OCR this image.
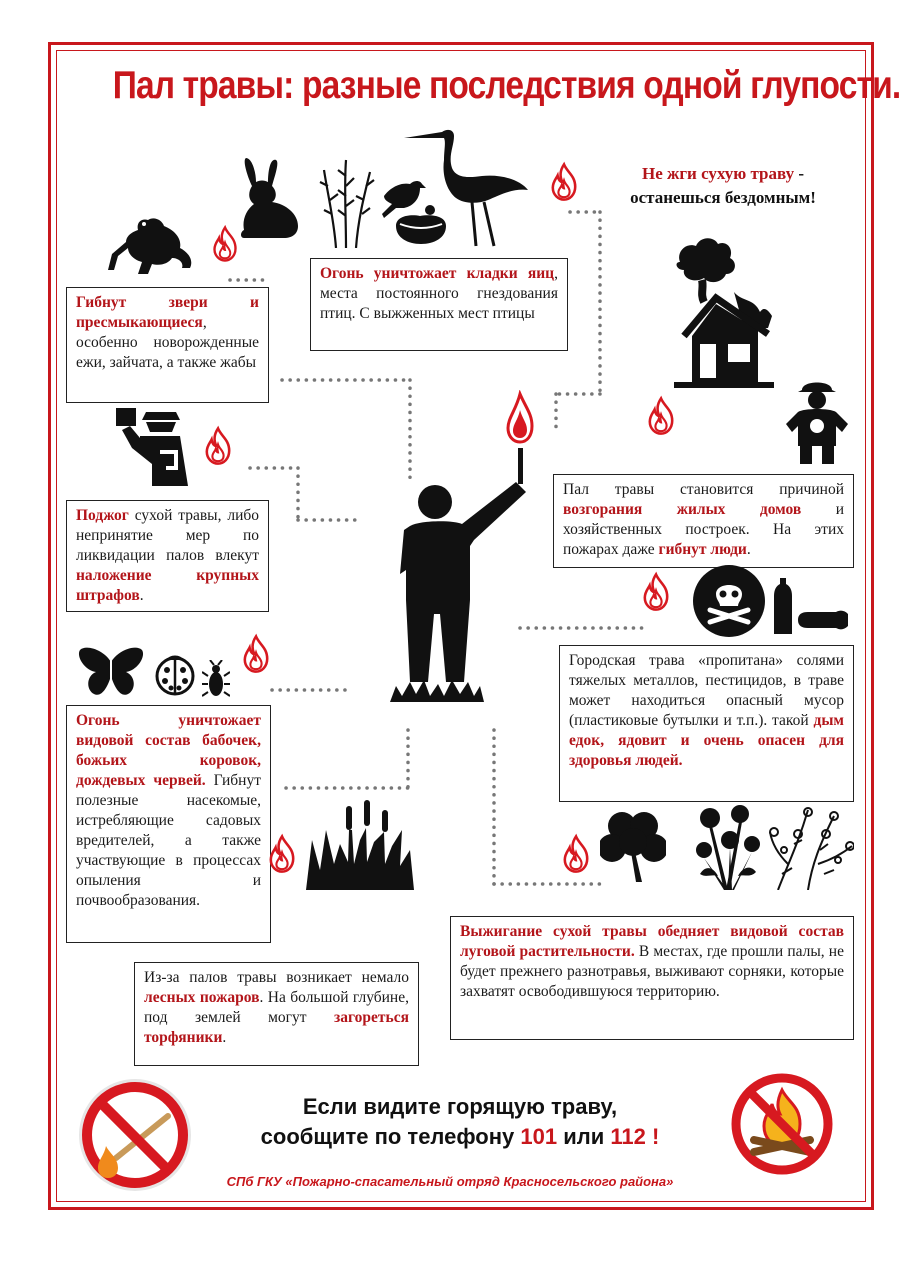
Пал травы: разные последствия одной глупости.
Не жги сухую траву -
останешься бездомным!

Гибнут звери и пресмыкающиеся, особенно новорожденные ежи, зайчата, а также жабы

Огонь уничтожает кладки яиц, места постоянного гнездования птиц. С выжженных мест птицы

Поджог сухой травы, либо непринятие мер по ликвидации палов влекут наложение крупных штрафов.

Пал травы становится причиной возгорания жилых домов и хозяйственных построек. На этих пожарах даже гибнут люди.

Огонь уничтожает видовой состав бабочек, божьих коровок, дождевых червей. Гибнут полезные насекомые, истребляющие садовых вредителей, а также участвующие в процессах опыления и почвообразования.

Городская трава «пропитана» солями тяжелых металлов, пестицидов, в траве может находиться опасный мусор (пластиковые бутылки и т.п.). такой дым едок, ядовит и очень опасен для здоровья людей.

Выжигание сухой травы обедняет видовой состав луговой растительности. В местах, где прошли палы, не будет прежнего разнотравья, выживают сорняки, которые захватят освободившуюся территорию.

Из-за палов травы возникает немало лесных пожаров. На большой глубине, под землей могут загореться торфяники.

Если видите горящую траву,
сообщите по телефону 101 или 112 !
СПб ГКУ «Пожарно-спасательный отряд Красносельского района»
